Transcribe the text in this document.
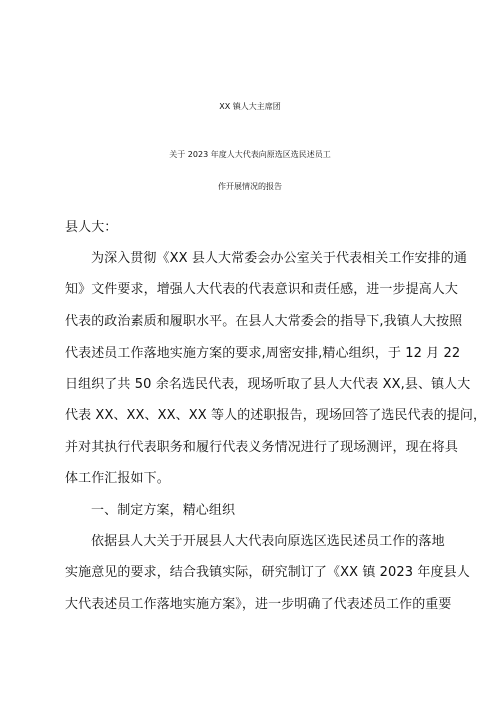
XX 镇人大主席团
关于 2023 年度人大代表向原选区选民述员工
作开展情况的报告
县人大：
为深入贯彻《XX 县人大常委会办公室关于代表相关工作安排的通
知》文件要求，增强人大代表的代表意识和责任感，进一步提高人大
代表的政治素质和履职水平。在县人大常委会的指导下,我镇人大按照
代表述员工作落地实施方案的要求,周密安排,精心组织，于 12 月 22
日组织了共 50 余名选民代表，现场听取了县人大代表 XX,县、镇人大
代表 XX、XX、XX、XX 等人的述职报告，现场回答了选民代表的提问，
并对其执行代表职务和履行代表义务情况进行了现场测评，现在将具
体工作汇报如下。
一、制定方案，精心组织
依据县人大关于开展县人大代表向原选区选民述员工作的落地
实施意见的要求，结合我镇实际，研究制订了《XX 镇 2023 年度县人
大代表述员工作落地实施方案》，进一步明确了代表述员工作的重要
